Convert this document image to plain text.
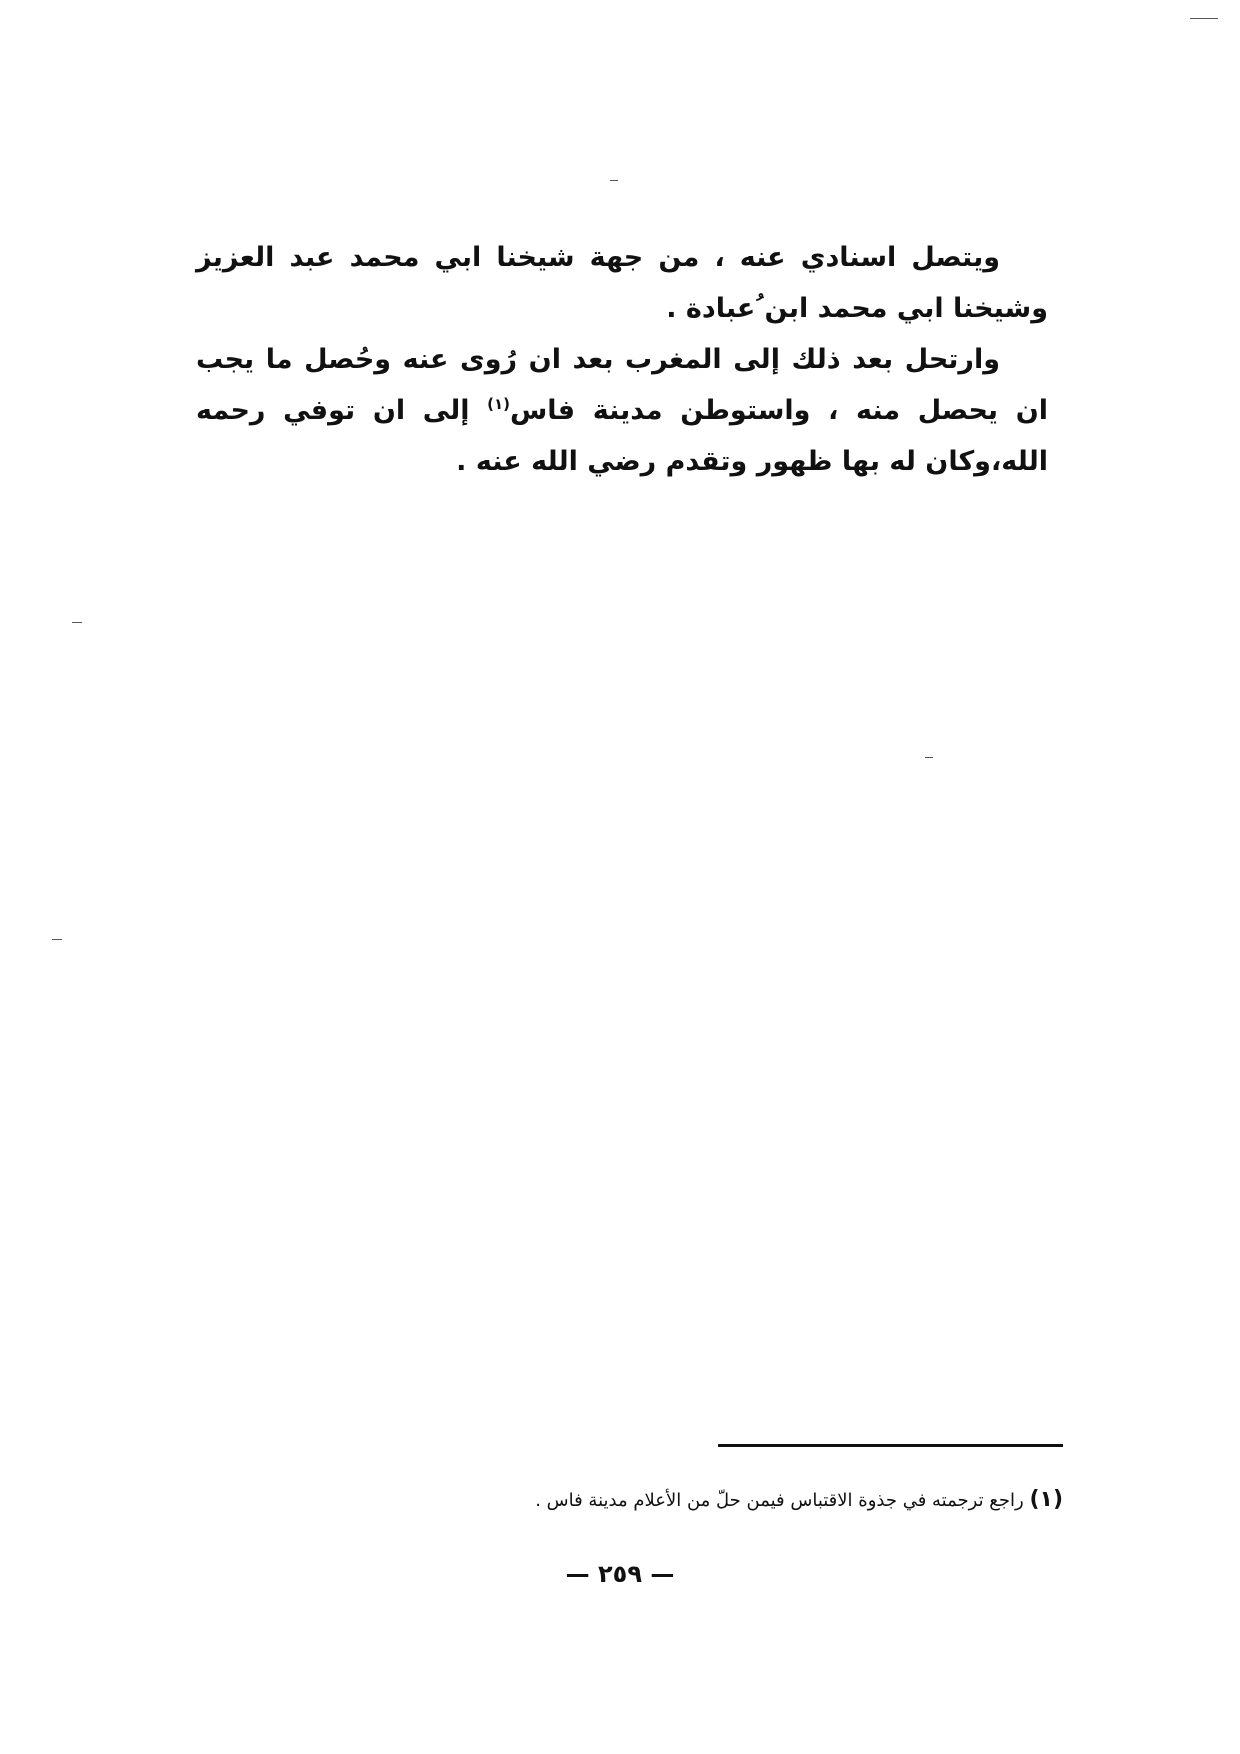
ويتصل اسنادي عنه ، من جهة شيخنا ابي محمد عبد العزيز وشيخنا ابي محمد ابن ُعبادة .

وارتحل بعد ذلك إلى المغرب بعد ان رُوى عنه وحُصل ما يجب ان يحصل منه ، واستوطن مدينة فاس$^{(١)}$ إلى ان توفي رحمه الله،وكان له بها ظهور وتقدم رضي الله عنه .

(١) راجع ترجمته في جذوة الاقتباس فيمن حلّ من الأعلام مدينة فاس .
— ٢٥٩ —
